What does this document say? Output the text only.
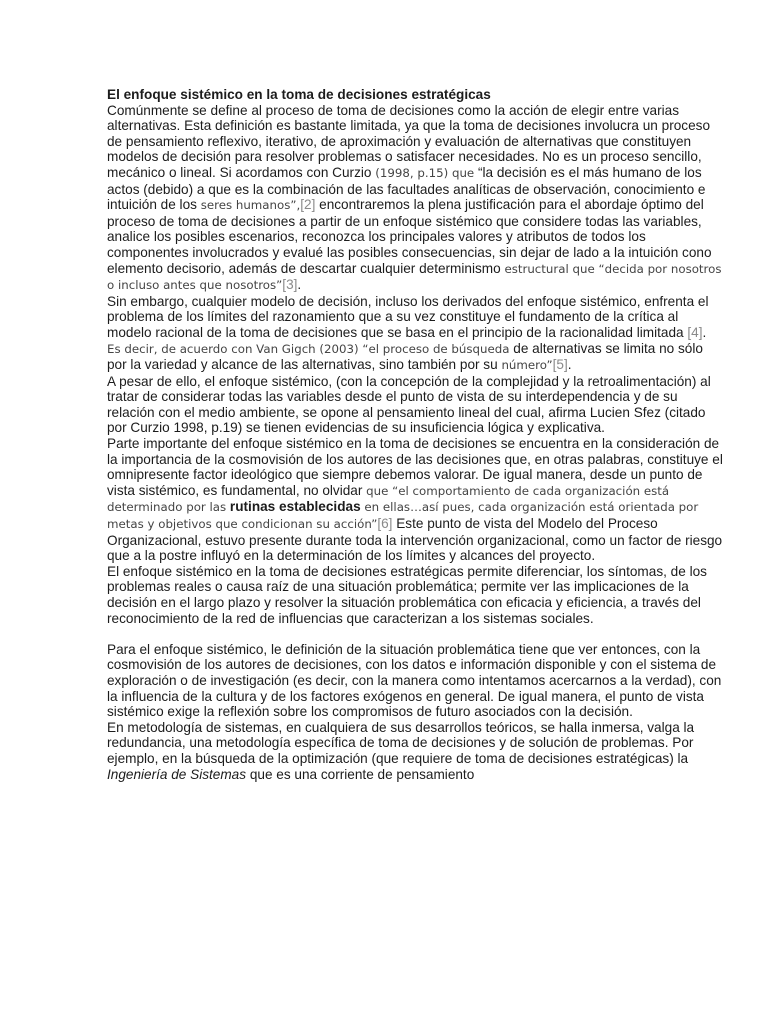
El enfoque sistémico en la toma de decisiones estratégicas

Comúnmente se define al proceso de toma de decisiones como la acción de elegir entre varias alternativas. Esta definición es bastante limitada, ya que la toma de decisiones involucra un proceso de pensamiento reflexivo, iterativo, de aproximación y evaluación de alternativas que constituyen modelos de decisión para resolver problemas o satisfacer necesidades. No es un proceso sencillo, mecánico o lineal. Si acordamos con Curzio (1998, p.15) que “la decisión es el más humano de los actos (debido) a que es la combinación de las facultades analíticas de observación, conocimiento e intuición de los seres humanos”,[2] encontraremos la plena justificación para el abordaje óptimo del proceso de toma de decisiones a partir de un enfoque sistémico que considere todas las variables, analice los posibles escenarios, reconozca los principales valores y atributos de todos los componentes involucrados y evalué las posibles consecuencias, sin dejar de lado a la intuición cono elemento decisorio, además de descartar cualquier determinismo estructural que “decida por nosotros o incluso antes que nosotros”[3].

Sin embargo, cualquier modelo de decisión, incluso los derivados del enfoque sistémico, enfrenta el problema de los límites del razonamiento que a su vez constituye el fundamento de la crítica al modelo racional de la toma de decisiones que se basa en el principio de la racionalidad limitada [4].

Es decir, de acuerdo con Van Gigch (2003) “el proceso de búsqueda de alternativas se limita no sólo por la variedad y alcance de las alternativas, sino también por su número”[5].

A pesar de ello, el enfoque sistémico, (con la concepción de la complejidad y la retroalimentación) al tratar de considerar todas las variables desde el punto de vista de su interdependencia y de su relación con el medio ambiente, se opone al pensamiento lineal del cual, afirma Lucien Sfez (citado por Curzio 1998, p.19) se tienen evidencias de su insuficiencia lógica y explicativa.

Parte importante del enfoque sistémico en la toma de decisiones se encuentra en la consideración de la importancia de la cosmovisión de los autores de las decisiones que, en otras palabras, constituye el omnipresente factor ideológico que siempre debemos valorar. De igual manera, desde un punto de vista sistémico, es fundamental, no olvidar que “el comportamiento de cada organización está determinado por las rutinas establecidas en ellas…así pues, cada organización está orientada por metas y objetivos que condicionan su acción”[6] Este punto de vista del Modelo del Proceso Organizacional, estuvo presente durante toda la intervención organizacional, como un factor de riesgo que a la postre influyó en la determinación de los límites y alcances del proyecto.

El enfoque sistémico en la toma de decisiones estratégicas permite diferenciar, los síntomas, de los problemas reales o causa raíz de una situación problemática; permite ver las implicaciones de la decisión en el largo plazo y resolver la situación problemática con eficacia y eficiencia, a través del reconocimiento de la red de influencias que caracterizan a los sistemas sociales.

Para el enfoque sistémico, le definición de la situación problemática tiene que ver entonces, con la cosmovisión de los autores de decisiones, con los datos e información disponible y con el sistema de exploración o de investigación (es decir, con la manera como intentamos acercarnos a la verdad), con la influencia de la cultura y de los factores exógenos en general. De igual manera, el punto de vista sistémico exige la reflexión sobre los compromisos de futuro asociados con la decisión.

En metodología de sistemas, en cualquiera de sus desarrollos teóricos, se halla inmersa, valga la redundancia, una metodología específica de toma de decisiones y de solución de problemas. Por ejemplo, en la búsqueda de la optimización (que requiere de toma de decisiones estratégicas) la Ingeniería de Sistemas que es una corriente de pensamiento
